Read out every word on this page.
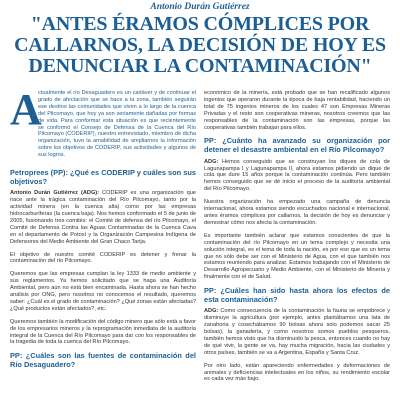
Antonio Durán Gutiérrez
"ANTES ÉRAMOS CÓMPLICES POR CALLARNOS, LA DECISIÓN DE HOY ES DENUNCIAR LA CONTAMINACIÓN"
A

ctualmente el río Desaguadero es un cadáver y de continuar el grado de afectación que se hace a la zona, también seguirán ese destino las comunidades que viven a lo largo de la cuenca del Pilcomayo, que hoy ya son seriamente dañadas por formas de vida. Para conformar esta situación es que recientemente se conformó el Consejo de Defensa de la Cuenca del Río Pilcomayo (CODERIP), nuestro entrevistado, miembro de dicha organización, tuvo la amabilidad de ampliarnos la información sobre los objetivos de CODERIP, sus actividades y algunos de sus logros.

Petroprees (PP): ¿Qué es CODERIP y cuáles son sus objetivos?

Antonio Durán Gutiérrez (ADG): CODERIP es una organización que nace ante la trágica contaminación del Río Pilcomayo, tanto por la actividad minera (en la cuenca alta) como por las empresas hidrocarburíferas (la cuenca baja). Nos hemos conformado el 5 de junio de 2005, fusionando tres comités: el Comité de defensa del río Pilcomayo, el Comité de Defensa Contra las Aguas Contaminadas de la Cuenca Cava en el departamento de Potosí y la Organización Campesina Indígena de Defensores del Medio Ambiente del Gran Chaco Tarija.

El objetivo de nuestro comité CODERIP es detener y frenar la contaminación del río Pilcomayo.

Queremos que las empresas cumplan la ley 1333 de medio ambiente y sus reglamentos. Ya hemos solicitado que se haga una Auditoría Ambiental, pero aún no está bien encaminada. Hasta ahora se han hecho análisis por ONG, pero nosotros no conocemos el resultado, queremos saber: ¿Cuál es el grado de contaminación? ¿Qué zonas están afectadas? ¿Qué productos están afectados?, etc.

Queremos también la modificación del código minero que sólo está a favor de los empresarios mineros y la reprogramación inmediata de la auditoría integral de la Cuenca del Río Pilcomayo para dar con los responsables de la tragedia de toda la cuenca del Río Pilcomayo.

PP: ¿Cuáles son las fuentes de contaminación del Río Desaguadero?

económico de la minería, está probado que se han recalificado algunos ingenios que operaron durante la época de baja rentabilidad, haciendo un total de 75 ingenios mineros de los cuales 47 son Empresas Mineras Privadas y el resto son cooperativas mineras, nosotros creemos que las responsables de la contaminación son las empresas, porque las cooperativas también trabajan para ellos.

PP: ¿Cuánto ha avanzado su organización por detener el desastre ambiental en el Río Pilcomayo?

ADG: Hemos conseguido que se construyan los diques de cola de Lagunapampa I y Lagunapampa II, ahora estamos pidiendo un dique de cola que dure 15 años porque la contaminación continúa. Pero también hemos conseguido que se dé inicio el proceso de la auditoría ambiental del Río Pilcomayo.

Nuestra organización ha empezado una campaña de denuncia internacional, ahora estamos siendo escuchados nacional e internacional, antes éramos cómplices por callarnos, la decisión de hoy es denunciar y demostrar cómo nos afecta la contaminación.

Es importante también aclarar que estamos conscientes de que la contaminación del río Pilcomayo en un tema complejo y necesita una solución integral, es el tema de toda la nación, es por eso que es un tema que no sólo debe ser con el Ministerio de Agua, con el que también nos estamos reuniendo para analizar. Estamos trabajando con el Ministerio de Desarrollo Agropecuario y Medio Ambiente, con el Ministerio de Minería y finalmente con el de Salud.

PP: ¿Cuáles han sido hasta ahora los efectos de esta contaminación?

ADG: Como consecuencia de la contaminación la fauna se empobrece y disminuye la agricultura (por ejemplo, antes plantábamos una lata de zanahoria y cosechábamos 90 bolsas ahora solo podemos sacar 25 bolsas), la ganadería, y como nosotros somos pueblos pesqueros, también hemos visto que ha disminuido la pesca, entonces cuando no hay de qué vivir, la gente se va, hay mucha migración, hacia las ciudades y otros países, también se va a Argentina, España y Santa Cruz.

Por otro lado, están apareciendo enfermedades y deformaciones de animales y deficiencias intelectuales en los niños, su rendimiento escolar es cada vez más bajo.
